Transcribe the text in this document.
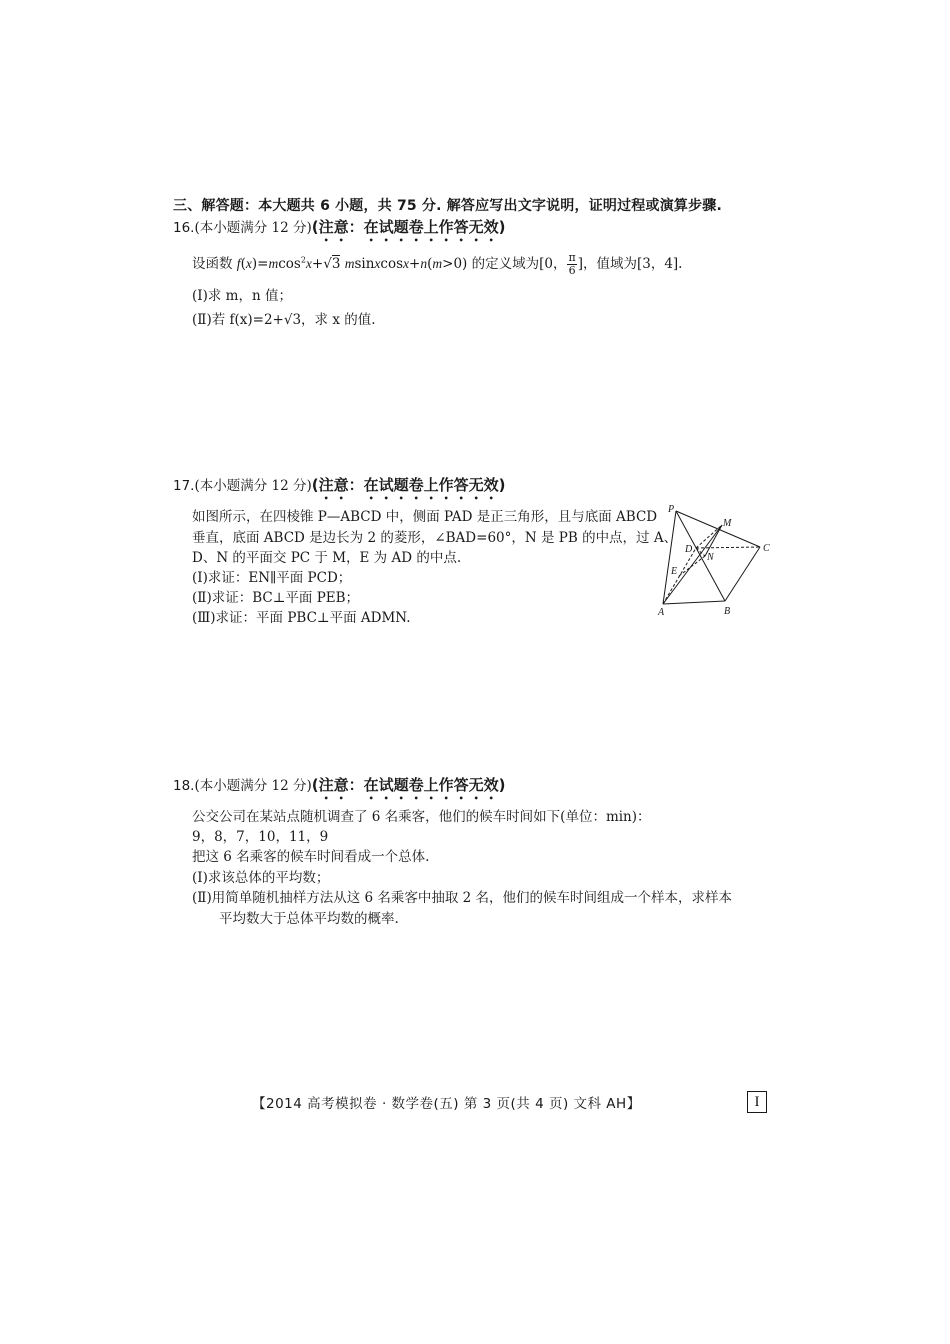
三、解答题：本大题共 6 小题，共 75 分. 解答应写出文字说明，证明过程或演算步骤.
16.(本小题满分 12 分)(注意：在试题卷上作答无效)
设函数 f(x)=mcos$^2$x+√3 msinxcosx+n(m>0) 的定义域为[0， $\frac{\pi}{6}$ ]，值域为[3，4].
(Ⅰ)求 m，n 值；
(Ⅱ)若 f(x)=2+√3，求 x 的值.
17.(本小题满分 12 分)(注意：在试题卷上作答无效)
如图所示，在四棱锥 P—ABCD 中，侧面 PAD 是正三角形，且与底面 ABCD
垂直，底面 ABCD 是边长为 2 的菱形，∠BAD=60°，N 是 PB 的中点，过 A、
D、N 的平面交 PC 于 M，E 为 AD 的中点.
(Ⅰ)求证：EN∥平面 PCD；
(Ⅱ)求证：BC⊥平面 PEB；
(Ⅲ)求证：平面 PBC⊥平面 ADMN.
P
M
D
N
C
E
A	B
18.(本小题满分 12 分)(注意：在试题卷上作答无效)
公交公司在某站点随机调查了 6 名乘客，他们的候车时间如下(单位：min)：
9，8，7，10，11，9
把这 6 名乘客的候车时间看成一个总体.
(Ⅰ)求该总体的平均数；
(Ⅱ)用简单随机抽样方法从这 6 名乘客中抽取 2 名，他们的候车时间组成一个样本，求样本
平均数大于总体平均数的概率.
【2014 高考模拟卷 · 数学卷(五) 第 3 页(共 4 页) 文科 AH】	I
